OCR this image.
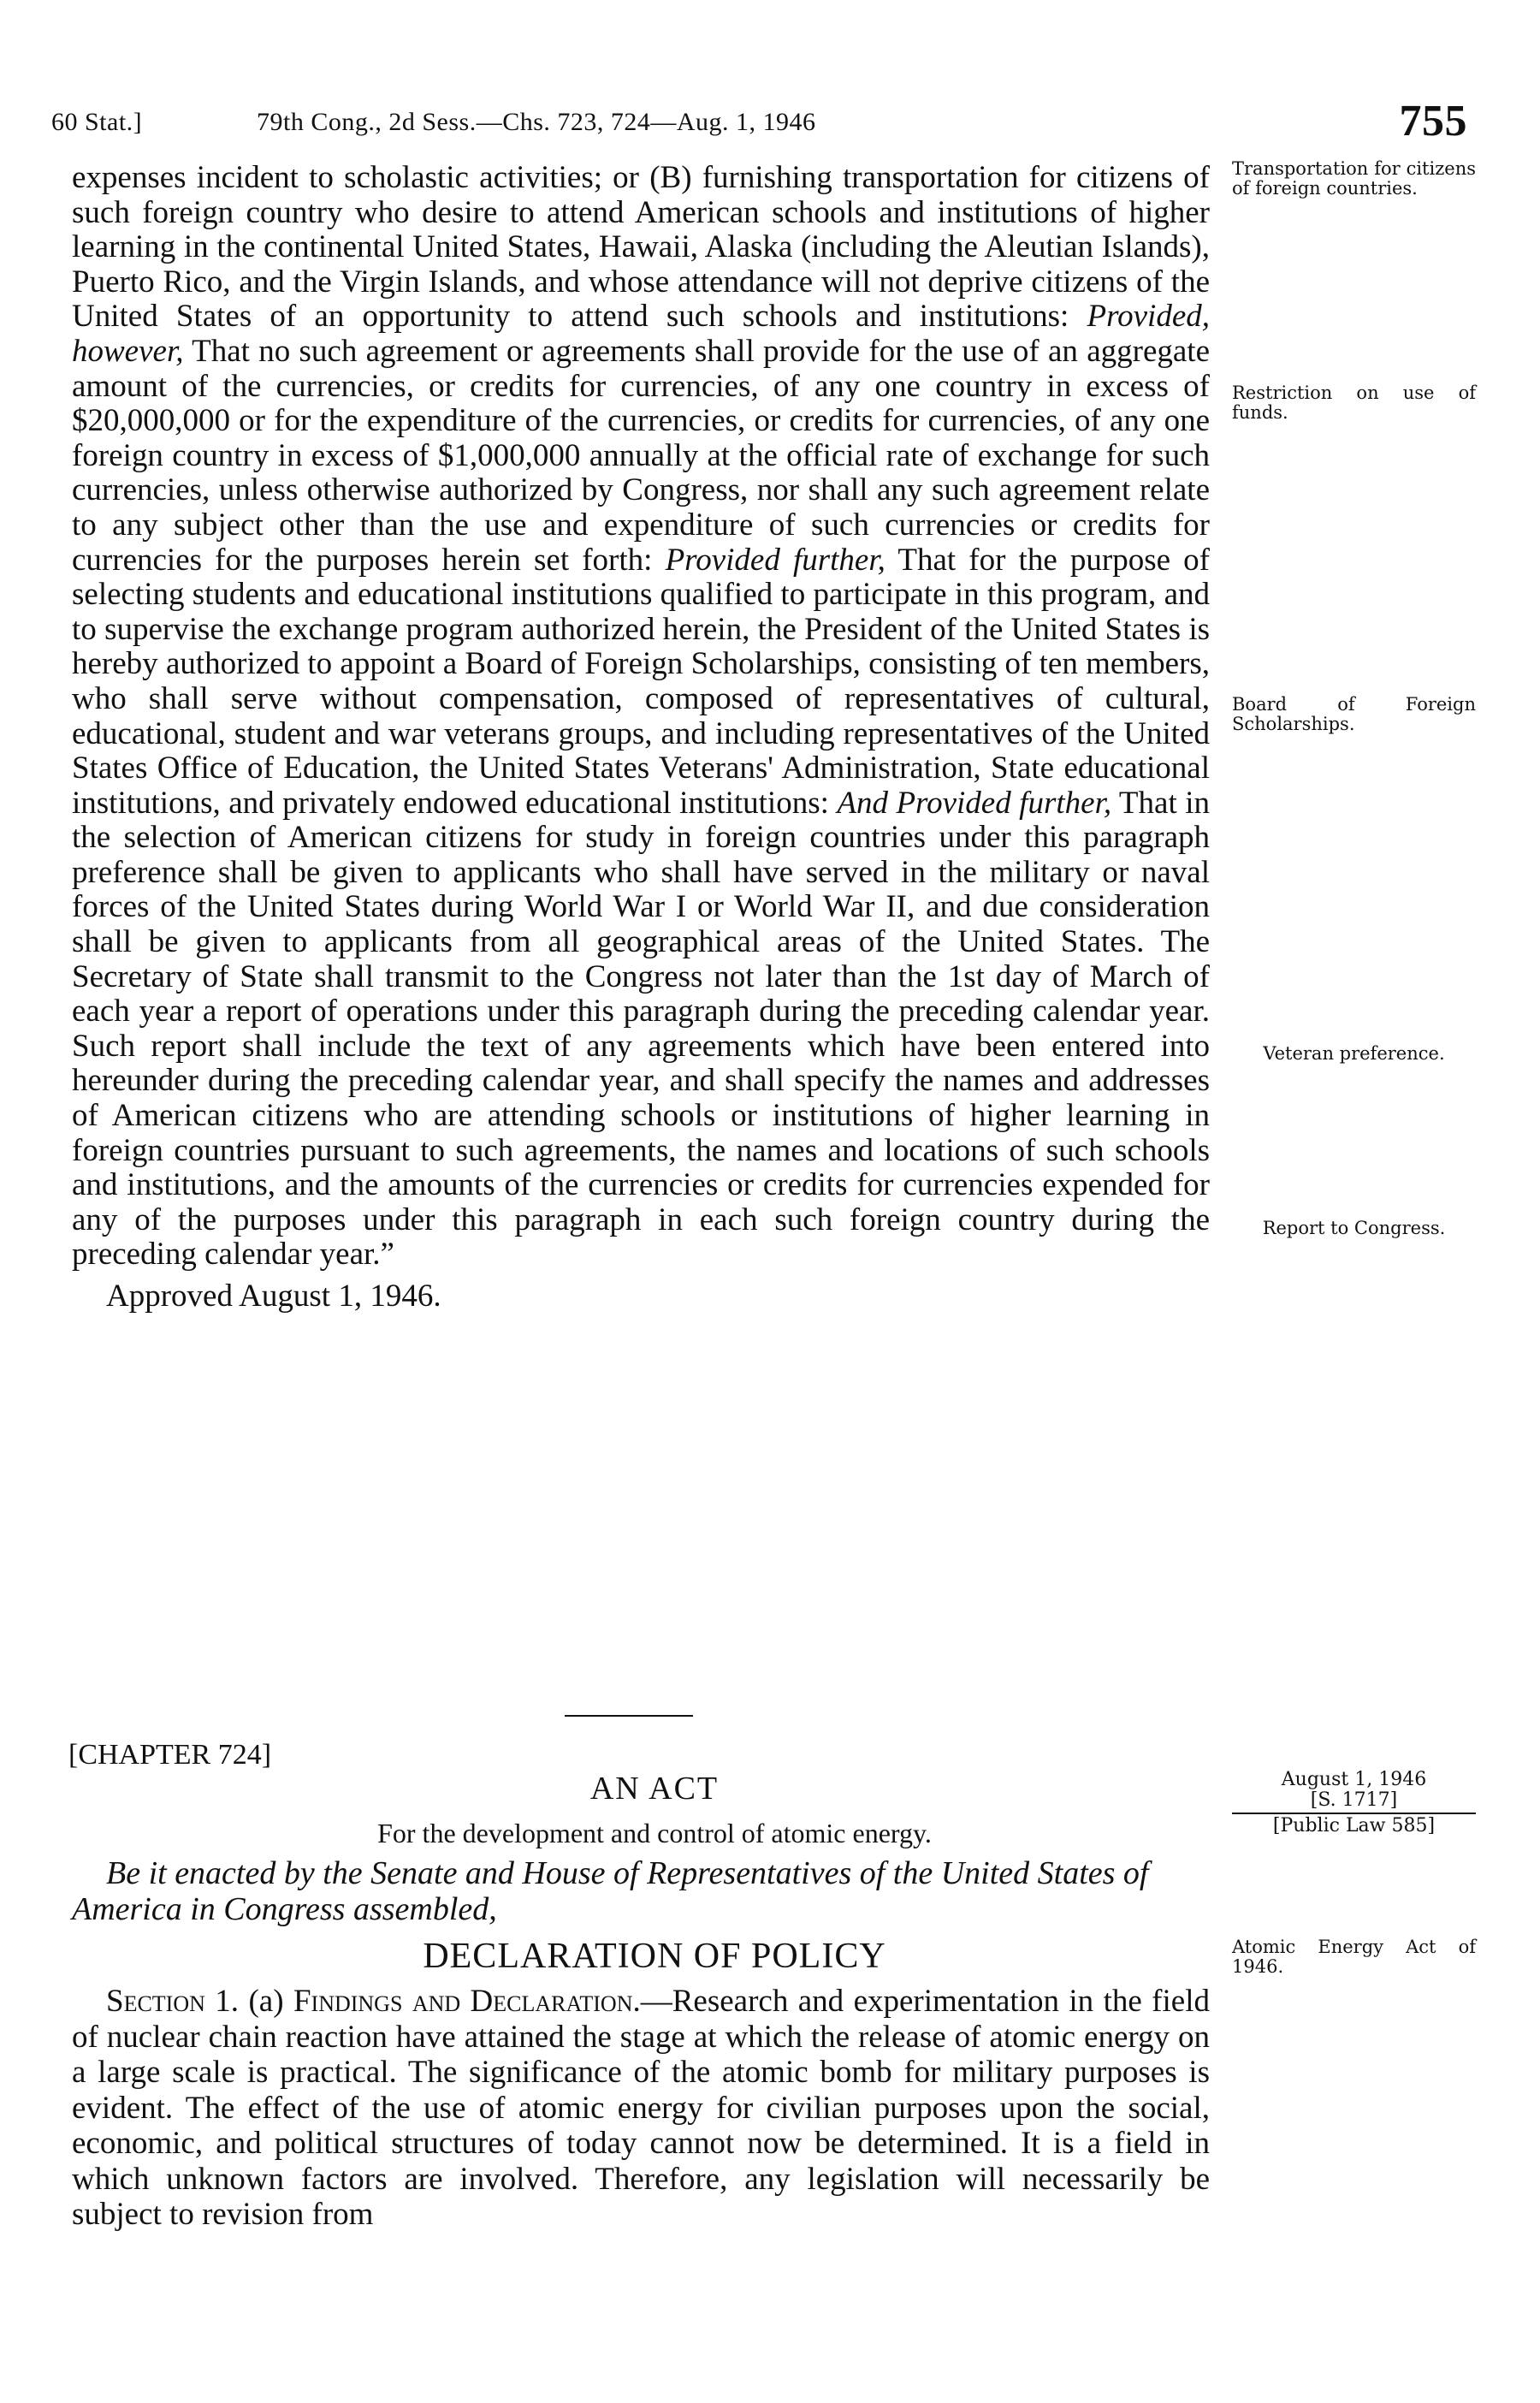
60 Stat.]	79th Cong., 2d Sess.—Chs. 723, 724—Aug. 1, 1946	755

expenses incident to scholastic activities; or (B) furnishing transportation for citizens of such foreign country who desire to attend American schools and institutions of higher learning in the continental United States, Hawaii, Alaska (including the Aleutian Islands), Puerto Rico, and the Virgin Islands, and whose attendance will not deprive citizens of the United States of an opportunity to attend such schools and institutions: Provided, however, That no such agreement or agreements shall provide for the use of an aggregate amount of the currencies, or credits for currencies, of any one country in excess of $20,000,000 or for the expenditure of the currencies, or credits for currencies, of any one foreign country in excess of $1,000,000 annually at the official rate of exchange for such currencies, unless otherwise authorized by Congress, nor shall any such agreement relate to any subject other than the use and expenditure of such currencies or credits for currencies for the purposes herein set forth: Provided further, That for the purpose of selecting students and educational institutions qualified to participate in this program, and to supervise the exchange program authorized herein, the President of the United States is hereby authorized to appoint a Board of Foreign Scholarships, consisting of ten members, who shall serve without compensation, composed of representatives of cultural, educational, student and war veterans groups, and including representatives of the United States Office of Education, the United States Veterans' Administration, State educational institutions, and privately endowed educational institutions: And Provided further, That in the selection of American citizens for study in foreign countries under this paragraph preference shall be given to applicants who shall have served in the military or naval forces of the United States during World War I or World War II, and due consideration shall be given to applicants from all geographical areas of the United States. The Secretary of State shall transmit to the Congress not later than the 1st day of March of each year a report of operations under this paragraph during the preceding calendar year. Such report shall include the text of any agreements which have been entered into hereunder during the preceding calendar year, and shall specify the names and addresses of American citizens who are attending schools or institutions of higher learning in foreign countries pursuant to such agreements, the names and locations of such schools and institutions, and the amounts of the currencies or credits for currencies expended for any of the purposes under this paragraph in each such foreign country during the preceding calendar year.”

Approved August 1, 1946.

Transportation for citizens of foreign countries.
Restriction on use of funds.
Board of Foreign Scholarships.
Veteran preference.
Report to Congress.
[CHAPTER 724]
AN ACT
For the development and control of atomic energy.
August 1, 1946
[S. 1717]
[Public Law 585]
Be it enacted by the Senate and House of Representatives of the United States of America in Congress assembled,
DECLARATION OF POLICY	Atomic Energy Act of 1946.
Section 1. (a) Findings and Declaration.—Research and experimentation in the field of nuclear chain reaction have attained the stage at which the release of atomic energy on a large scale is practical. The significance of the atomic bomb for military purposes is evident. The effect of the use of atomic energy for civilian purposes upon the social, economic, and political structures of today cannot now be determined. It is a field in which unknown factors are involved. Therefore, any legislation will necessarily be subject to revision from
